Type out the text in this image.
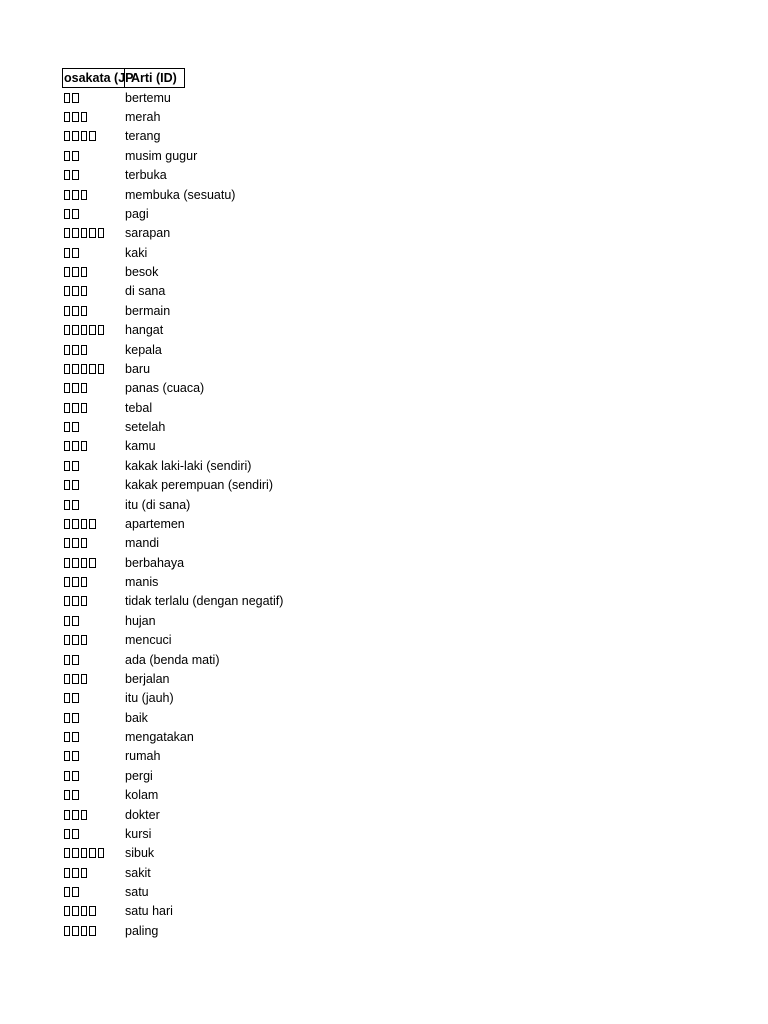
osakata (JP
Arti (ID)
bertemu
merah
terang
musim gugur
terbuka
membuka (sesuatu)
pagi
sarapan
kaki
besok
di sana
bermain
hangat
kepala
baru
panas (cuaca)
tebal
setelah
kamu
kakak laki-laki (sendiri)
kakak perempuan (sendiri)
itu (di sana)
apartemen
mandi
berbahaya
manis
tidak terlalu (dengan negatif)
hujan
mencuci
ada (benda mati)
berjalan
itu (jauh)
baik
mengatakan
rumah
pergi
kolam
dokter
kursi
sibuk
sakit
satu
satu hari
paling
